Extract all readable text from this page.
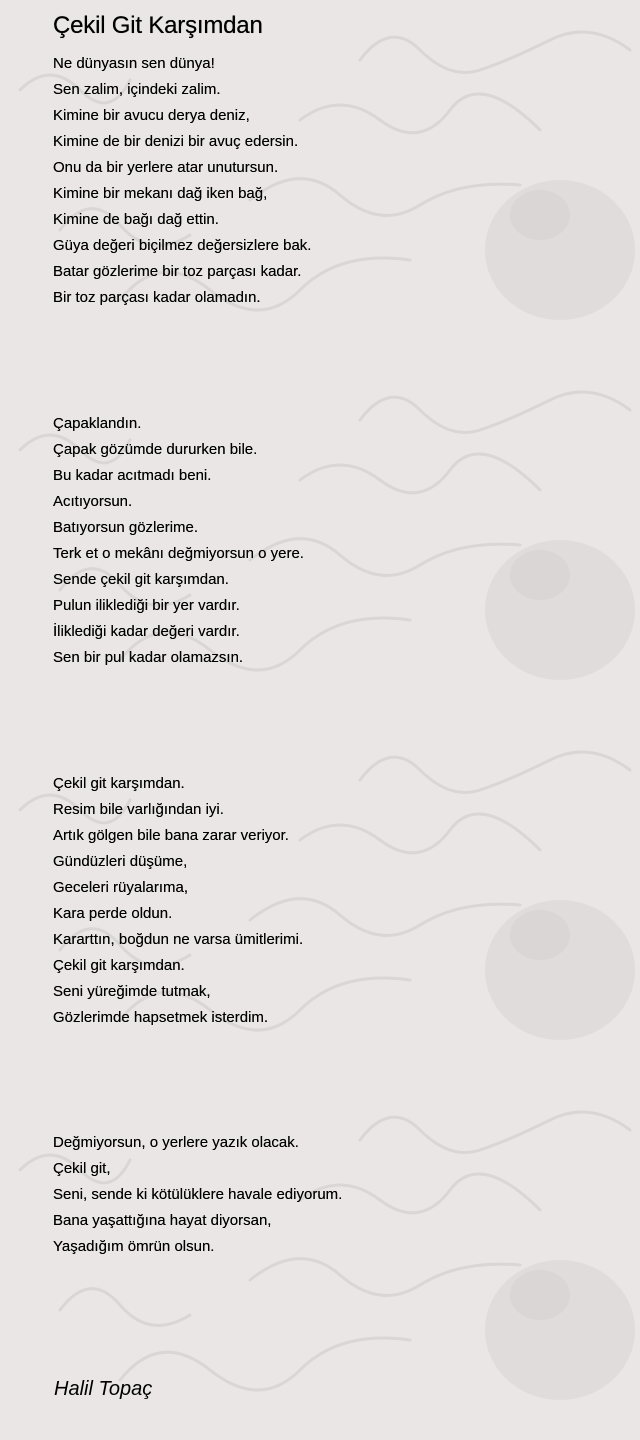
Çekil Git Karşımdan
Ne dünyasın sen dünya!
Sen zalim, içindeki zalim.
Kimine bir avucu derya deniz,
Kimine de bir denizi bir avuç edersin.
Onu da bir yerlere atar unutursun.
Kimine bir mekanı dağ iken bağ,
Kimine de bağı dağ ettin.
Güya değeri biçilmez değersizlere bak.
Batar gözlerime bir toz parçası kadar.
Bir toz parçası kadar olamadın.
Çapaklandın.
Çapak gözümde dururken bile.
Bu kadar acıtmadı beni.
Acıtıyorsun.
Batıyorsun gözlerime.
Terk et o mekânı değmiyorsun o yere.
Sende çekil git karşımdan.
Pulun iliklediği bir yer vardır.
İliklediği kadar değeri vardır.
Sen bir pul kadar olamazsın.
Çekil git karşımdan.
Resim bile varlığından iyi.
Artık gölgen bile bana zarar veriyor.
Gündüzleri düşüme,
Geceleri rüyalarıma,
Kara perde oldun.
Kararttın, boğdun ne varsa ümitlerimi.
Çekil git karşımdan.
Seni yüreğimde tutmak,
Gözlerimde hapsetmek isterdim.
Değmiyorsun, o yerlere yazık olacak.
Çekil git,
Seni, sende ki kötülüklere havale ediyorum.
Bana yaşattığına hayat diyorsan,
Yaşadığım ömrün olsun.
Halil Topaç
